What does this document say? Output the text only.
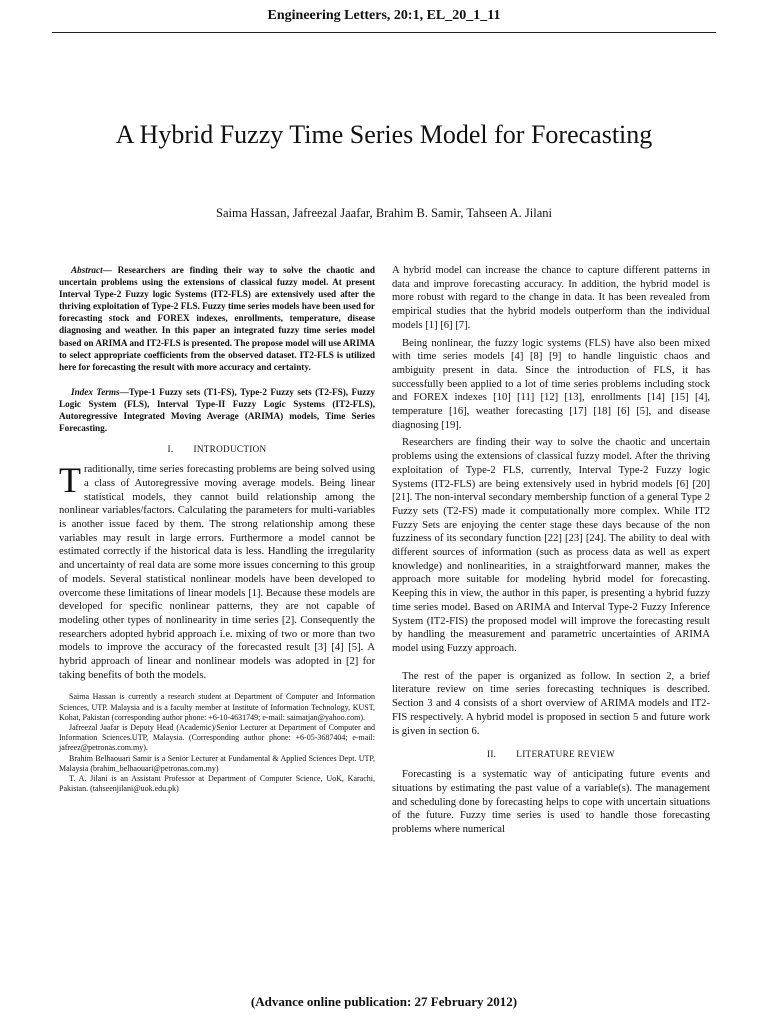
Engineering Letters, 20:1, EL_20_1_11
A Hybrid Fuzzy Time Series Model for Forecasting
Saima Hassan, Jafreezal Jaafar, Brahim B. Samir, Tahseen A. Jilani

Abstract— Researchers are finding their way to solve the chaotic and uncertain problems using the extensions of classical fuzzy model. At present Interval Type-2 Fuzzy logic Systems (IT2-FLS) are extensively used after the thriving exploitation of Type-2 FLS. Fuzzy time series models have been used for forecasting stock and FOREX indexes, enrollments, temperature, disease diagnosing and weather. In this paper an integrated fuzzy time series model based on ARIMA and IT2-FLS is presented. The propose model will use ARIMA to select appropriate coefficients from the observed dataset. IT2-FLS is utilized here for forecasting the result with more accuracy and certainty.

Index Terms—Type-1 Fuzzy sets (T1-FS), Type-2 Fuzzy sets (T2-FS), Fuzzy Logic System (FLS), Interval Type-II Fuzzy Logic Systems (IT2-FLS), Autoregressive Integrated Moving Average (ARIMA) models, Time Series Forecasting.

I. INTRODUCTION

Traditionally, time series forecasting problems are being solved using a class of Autoregressive moving average models. Being linear statistical models, they cannot build relationship among the nonlinear variables/factors. Calculating the parameters for multi-variables is another issue faced by them. The strong relationship among these variables may result in large errors. Furthermore a model cannot be estimated correctly if the historical data is less. Handling the irregularity and uncertainty of real data are some more issues concerning to this group of models. Several statistical nonlinear models have been developed to overcome these limitations of linear models [1]. Because these models are developed for specific nonlinear patterns, they are not capable of modeling other types of nonlinearity in time series [2]. Consequently the researchers adopted hybrid approach i.e. mixing of two or more than two models to improve the accuracy of the forecasted result [3] [4] [5]. A hybrid approach of linear and nonlinear models was adopted in [2] for taking benefits of both the models.

Saima Hassan is currently a research student at Department of Computer and Information Sciences, UTP. Malaysia and is a faculty member at Institute of Information Technology, KUST, Kohat, Pakistan (corresponding author phone: +6-10-4631749; e-mail: saimatjan@yahoo.com).

Jafreezal Jaafar is Deputy Head (Academic)/Senior Lecturer at Department of Computer and Information Sciences.UTP, Malaysia. (Corresponding author phone: +6-05-3687404; e-mail: jafreez@petronas.com.my).

Brahim Belhaouari Samir is a Senior Lecturer at Fundamental & Applied Sciences Dept. UTP, Malaysia (brahim_belhaouari@petronas.com.my)

T. A. Jilani is an Assistant Professor at Department of Computer Science, UoK, Karachi, Pakistan. (tahseenjilani@uok.edu.pk)

A hybrid model can increase the chance to capture different patterns in data and improve forecasting accuracy. In addition, the hybrid model is more robust with regard to the change in data. It has been revealed from empirical studies that the hybrid models outperform than the individual models [1] [6] [7].

Being nonlinear, the fuzzy logic systems (FLS) have also been mixed with time series models [4] [8] [9] to handle linguistic chaos and ambiguity present in data. Since the introduction of FLS, it has successfully been applied to a lot of time series problems including stock and FOREX indexes [10] [11] [12] [13], enrollments [14] [15] [4], temperature [16], weather forecasting [17] [18] [6] [5], and disease diagnosing [19].

Researchers are finding their way to solve the chaotic and uncertain problems using the extensions of classical fuzzy model. After the thriving exploitation of Type-2 FLS, currently, Interval Type-2 Fuzzy logic Systems (IT2-FLS) are being extensively used in hybrid models [6] [20] [21]. The non-interval secondary membership function of a general Type 2 Fuzzy sets (T2-FS) made it computationally more complex. While IT2 Fuzzy Sets are enjoying the center stage these days because of the non fuzziness of its secondary function [22] [23] [24]. The ability to deal with different sources of information (such as process data as well as expert knowledge) and nonlinearities, in a straightforward manner, makes the approach more suitable for modeling hybrid model for forecasting. Keeping this in view, the author in this paper, is presenting a hybrid fuzzy time series model. Based on ARIMA and Interval Type-2 Fuzzy Inference System (IT2-FIS) the proposed model will improve the forecasting result by handling the measurement and parametric uncertainties of ARIMA model using Fuzzy approach.

The rest of the paper is organized as follow. In section 2, a brief literature review on time series forecasting techniques is described. Section 3 and 4 consists of a short overview of ARIMA models and IT2-FIS respectively. A hybrid model is proposed in section 5 and future work is given in section 6.

II. LITERATURE REVIEW

Forecasting is a systematic way of anticipating future events and situations by estimating the past value of a variable(s). The management and scheduling done by forecasting helps to cope with uncertain situations of the future. Fuzzy time series is used to handle those forecasting problems where numerical

(Advance online publication: 27 February 2012)
